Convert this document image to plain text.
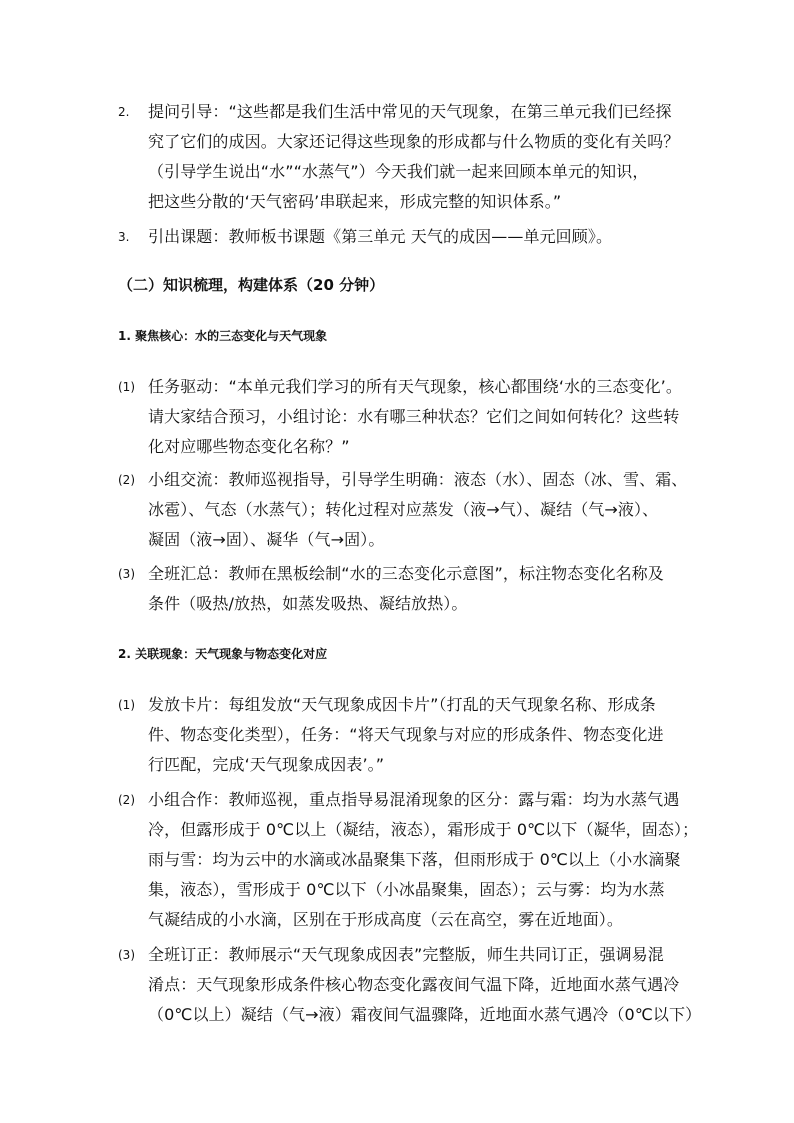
2. 提问引导：“这些都是我们生活中常见的天气现象，在第三单元我们已经探
究了它们的成因。大家还记得这些现象的形成都与什么物质的变化有关吗？
（引导学生说出“水”“水蒸气”）今天我们就一起来回顾本单元的知识，
把这些分散的‘天气密码’串联起来，形成完整的知识体系。”
3. 引出课题：教师板书课题《第三单元 天气的成因——单元回顾》。
（二）知识梳理，构建体系（20 分钟）
1. 聚焦核心：水的三态变化与天气现象
(1) 任务驱动：“本单元我们学习的所有天气现象，核心都围绕‘水的三态变化’。
请大家结合预习，小组讨论：水有哪三种状态？它们之间如何转化？这些转
化对应哪些物态变化名称？”
(2) 小组交流：教师巡视指导，引导学生明确：液态（水）、固态（冰、雪、霜、
冰雹）、气态（水蒸气）；转化过程对应蒸发（液→气）、凝结（气→液）、
凝固（液→固）、凝华（气→固）。
(3) 全班汇总：教师在黑板绘制“水的三态变化示意图”，标注物态变化名称及
条件（吸热/放热，如蒸发吸热、凝结放热）。
2. 关联现象：天气现象与物态变化对应
(1) 发放卡片：每组发放“天气现象成因卡片”（打乱的天气现象名称、形成条
件、物态变化类型），任务：“将天气现象与对应的形成条件、物态变化进
行匹配，完成‘天气现象成因表’。”
(2) 小组合作：教师巡视，重点指导易混淆现象的区分：露与霜：均为水蒸气遇
冷，但露形成于 0℃以上（凝结，液态），霜形成于 0℃以下（凝华，固态）；
雨与雪：均为云中的水滴或冰晶聚集下落，但雨形成于 0℃以上（小水滴聚
集，液态），雪形成于 0℃以下（小冰晶聚集，固态）；云与雾：均为水蒸
气凝结成的小水滴，区别在于形成高度（云在高空，雾在近地面）。
(3) 全班订正：教师展示“天气现象成因表”完整版，师生共同订正，强调易混
淆点：天气现象形成条件核心物态变化露夜间气温下降，近地面水蒸气遇冷
（0℃以上）凝结（气→液）霜夜间气温骤降，近地面水蒸气遇冷（0℃以下）
